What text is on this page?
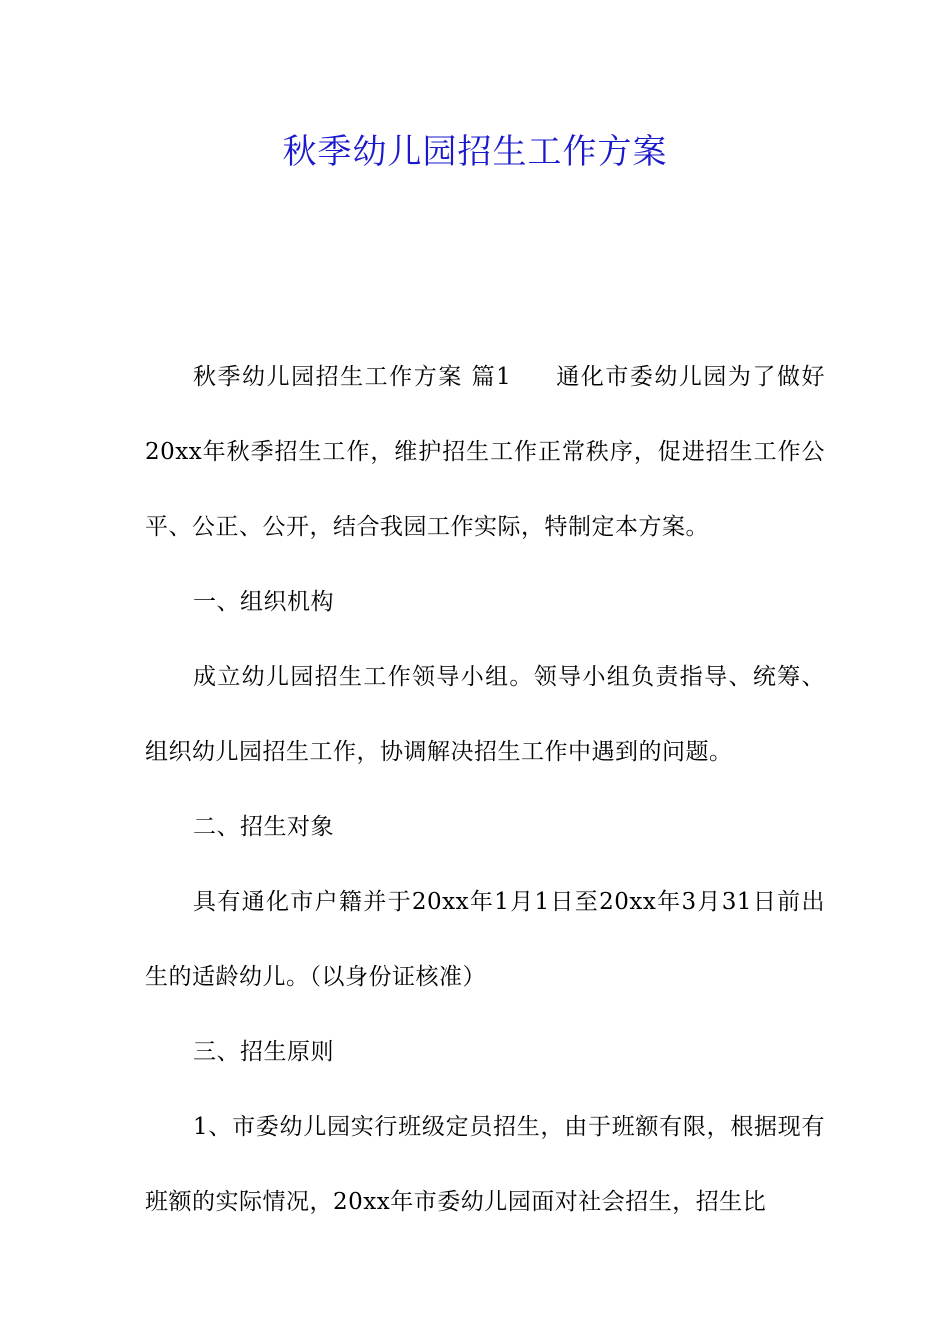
秋季幼儿园招生工作方案

秋季幼儿园招生工作方案 篇1 通化市委幼儿园为了做好20xx年秋季招生工作，维护招生工作正常秩序，促进招生工作公平、公正、公开，结合我园工作实际，特制定本方案。

一、组织机构

成立幼儿园招生工作领导小组。领导小组负责指导、统筹、组织幼儿园招生工作，协调解决招生工作中遇到的问题。

二、招生对象

具有通化市户籍并于20xx年1月1日至20xx年3月31日前出生的适龄幼儿。（以身份证核准）

三、招生原则

1、市委幼儿园实行班级定员招生，由于班额有限，根据现有班额的实际情况，20xx年市委幼儿园面对社会招生，招生比
